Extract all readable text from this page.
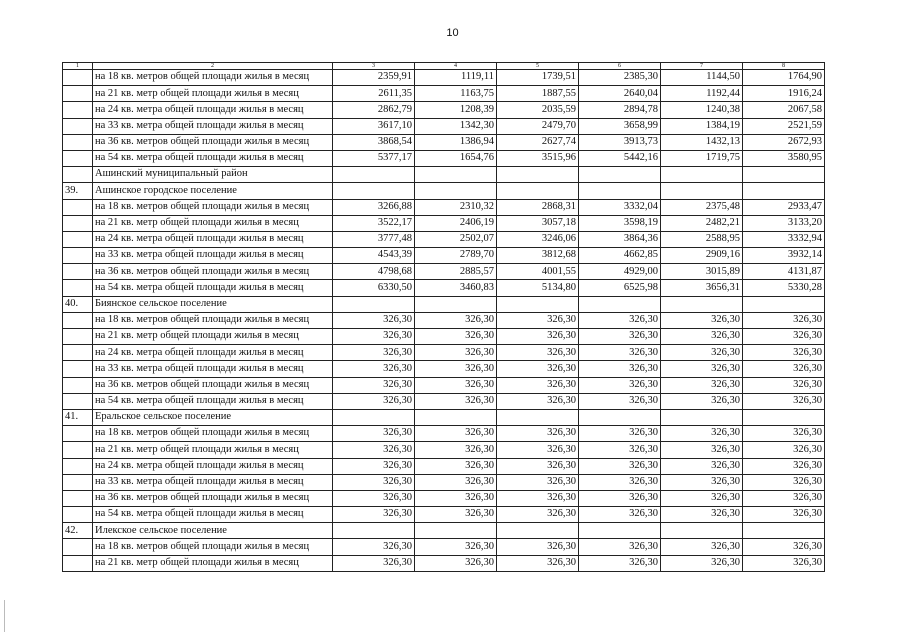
10
1	2	3	4	5	6	7	8
	на 18 кв. метров общей площади жилья в месяц	2359,91	1119,11	1739,51	2385,30	1144,50	1764,90
	на 21 кв. метр общей площади жилья в месяц	2611,35	1163,75	1887,55	2640,04	1192,44	1916,24
	на 24 кв. метра общей площади жилья в месяц	2862,79	1208,39	2035,59	2894,78	1240,38	2067,58
	на 33 кв. метра общей площади жилья в месяц	3617,10	1342,30	2479,70	3658,99	1384,19	2521,59
	на 36 кв. метров общей площади жилья в месяц	3868,54	1386,94	2627,74	3913,73	1432,13	2672,93
	на 54 кв. метра общей площади жилья в месяц	5377,17	1654,76	3515,96	5442,16	1719,75	3580,95
	Ашинский муниципальный район						
39.	Ашинское городское поселение						
	на 18 кв. метров общей площади жилья в месяц	3266,88	2310,32	2868,31	3332,04	2375,48	2933,47
	на 21 кв. метр общей площади жилья в месяц	3522,17	2406,19	3057,18	3598,19	2482,21	3133,20
	на 24 кв. метра общей площади жилья в месяц	3777,48	2502,07	3246,06	3864,36	2588,95	3332,94
	на 33 кв. метра общей площади жилья в месяц	4543,39	2789,70	3812,68	4662,85	2909,16	3932,14
	на 36 кв. метров общей площади жилья в месяц	4798,68	2885,57	4001,55	4929,00	3015,89	4131,87
	на 54 кв. метра общей площади жилья в месяц	6330,50	3460,83	5134,80	6525,98	3656,31	5330,28
40.	Биянское сельское поселение						
	на 18 кв. метров общей площади жилья в месяц	326,30	326,30	326,30	326,30	326,30	326,30
	на 21 кв. метр общей площади жилья в месяц	326,30	326,30	326,30	326,30	326,30	326,30
	на 24 кв. метра общей площади жилья в месяц	326,30	326,30	326,30	326,30	326,30	326,30
	на 33 кв. метра общей площади жилья в месяц	326,30	326,30	326,30	326,30	326,30	326,30
	на 36 кв. метров общей площади жилья в месяц	326,30	326,30	326,30	326,30	326,30	326,30
	на 54 кв. метра общей площади жилья в месяц	326,30	326,30	326,30	326,30	326,30	326,30
41.	Еральское сельское поселение						
	на 18 кв. метров общей площади жилья в месяц	326,30	326,30	326,30	326,30	326,30	326,30
	на 21 кв. метр общей площади жилья в месяц	326,30	326,30	326,30	326,30	326,30	326,30
	на 24 кв. метра общей площади жилья в месяц	326,30	326,30	326,30	326,30	326,30	326,30
	на 33 кв. метра общей площади жилья в месяц	326,30	326,30	326,30	326,30	326,30	326,30
	на 36 кв. метров общей площади жилья в месяц	326,30	326,30	326,30	326,30	326,30	326,30
	на 54 кв. метра общей площади жилья в месяц	326,30	326,30	326,30	326,30	326,30	326,30
42.	Илекское сельское поселение						
	на 18 кв. метров общей площади жилья в месяц	326,30	326,30	326,30	326,30	326,30	326,30
	на 21 кв. метр общей площади жилья в месяц	326,30	326,30	326,30	326,30	326,30	326,30
